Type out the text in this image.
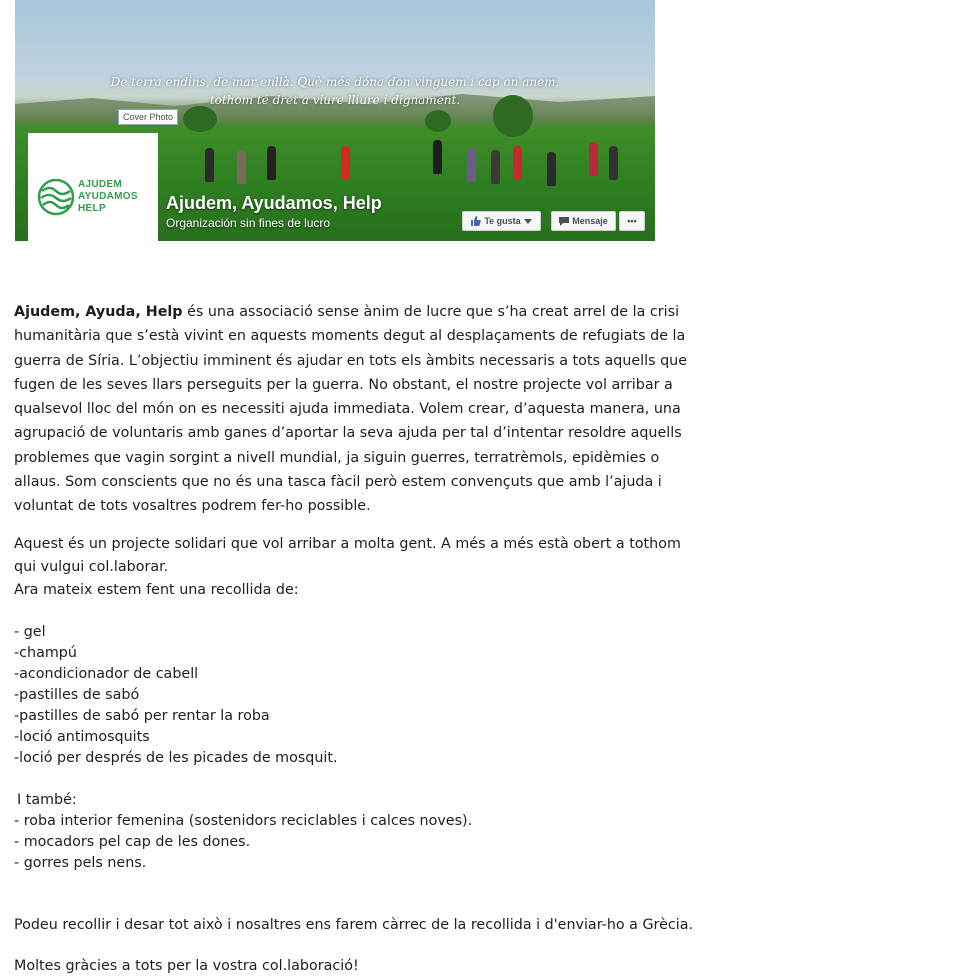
De terra endins, de mar enllà. Què més dóna don vinguem i cap on anem,
tothom té dret a viure lliure i dignament.
Cover Photo
AJUDEM
AYUDAMOS
HELP	Ajudem, Ayudamos, Help
Organización sin fines de lucro	Te gusta	Mensaje •••

Ajudem, Ayuda, Help és una associació sense ànim de lucre que s’ha creat arrel de la crisi humanitària que s’està vivint en aquests moments degut al desplaçaments de refugiats de la guerra de Síria. L’objectiu imminent és ajudar en tots els àmbits necessaris a tots aquells que fugen de les seves llars perseguits per la guerra. No obstant, el nostre projecte vol arribar a qualsevol lloc del món on es necessiti ajuda immediata. Volem crear, d’aquesta manera, una agrupació de voluntaris amb ganes d’aportar la seva ajuda per tal d’intentar resoldre aquells problemes que vagin sorgint a nivell mundial, ja siguin guerres, terratrèmols, epidèmies o allaus. Som conscients que no és una tasca fàcil però estem convençuts que amb l’ajuda i voluntat de tots vosaltres podrem fer-ho possible.

Aquest és un projecte solidari que vol arribar a molta gent. A més a més està obert a tothom qui vulgui col.laborar.
Ara mateix estem fent una recollida de:
- gel
-champú
-acondicionador de cabell
-pastilles de sabó
-pastilles de sabó per rentar la roba
-loció antimosquits
-loció per després de les picades de mosquit.
I també:
- roba interior femenina (sostenidors reciclables i calces noves).
- mocadors pel cap de les dones.
- gorres pels nens.
Podeu recollir i desar tot això i nosaltres ens farem càrrec de la recollida i d'enviar-ho a Grècia.
Moltes gràcies a tots per la vostra col.laboració!
